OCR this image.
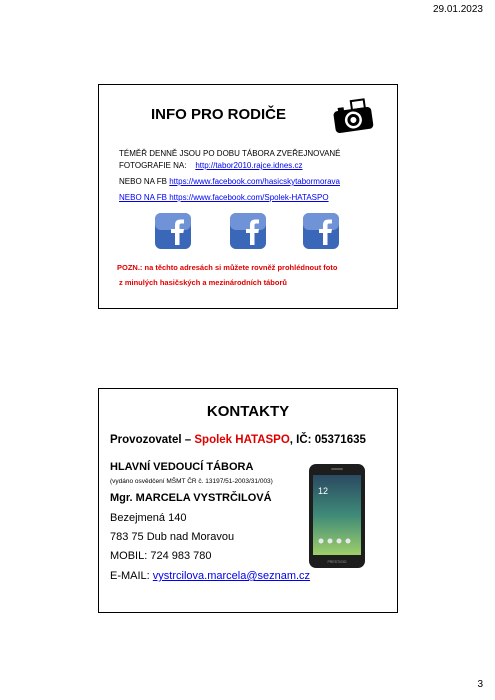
29.01.2023
INFO PRO RODIČE
TÉMĚŘ DENNĚ JSOU PO DOBU TÁBORA ZVEŘEJNOVANÉ
FOTOGRAFIE NA: http://tabor2010.rajce.idnes.cz
NEBO NA FB https://www.facebook.com/hasicskytabormorava
NEBO NA FB https://www.facebook.com/Spolek-HATASPO
POZN.: na těchto adresách si můžete rovněž prohlédnout foto
z minulých hasičských a mezinárodních táborů
KONTAKTY
Provozovatel – Spolek HATASPO, IČ: 05371635
HLAVNÍ VEDOUCÍ TÁBORA
(vydáno osvědčení MŠMT ČR č. 13197/51-2003/31/003)
Mgr. MARCELA VYSTRČILOVÁ
Bezejmená 140
783 75 Dub nad Moravou
MOBIL: 724 983 780
E-MAIL: vystrcilova.marcela@seznam.cz
12
PRESTIGIO
3
